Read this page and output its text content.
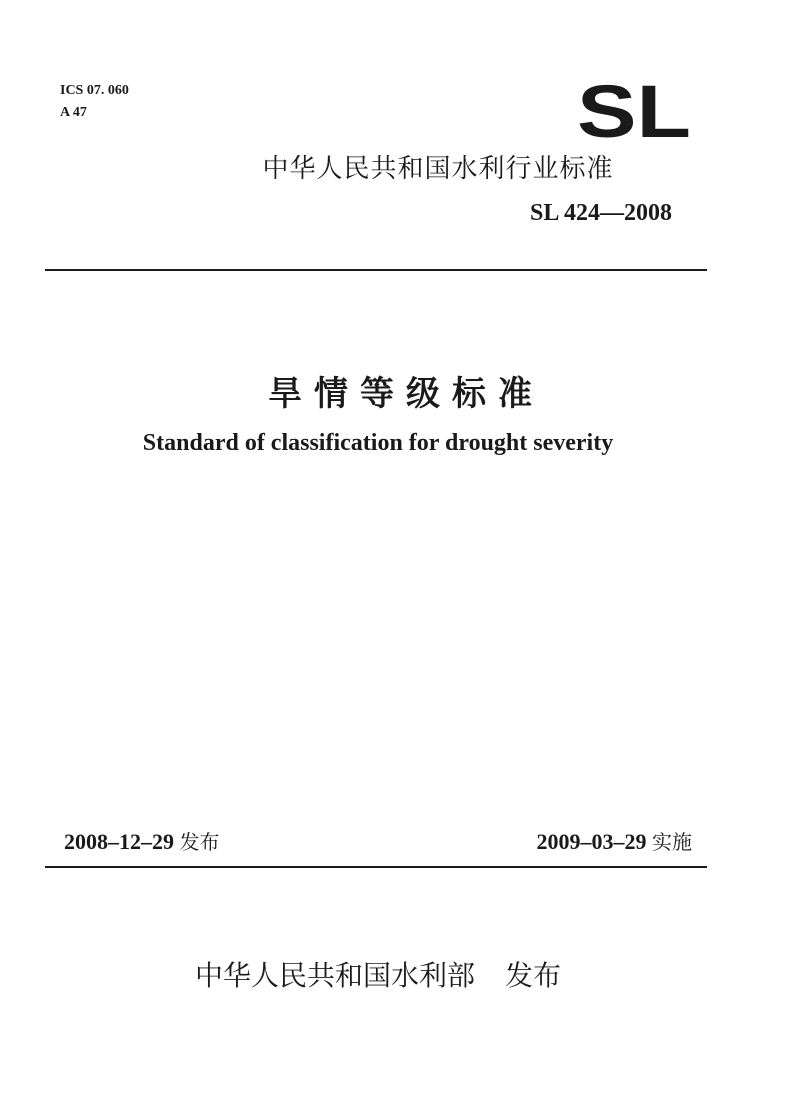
ICS 07. 060
A 47	SL
中华人民共和国水利行业标准
SL 424—2008
旱情等级标准
Standard of classification for drought severity
2008–12–29 发布	2009–03–29 实施
中华人民共和国水利部 发布
